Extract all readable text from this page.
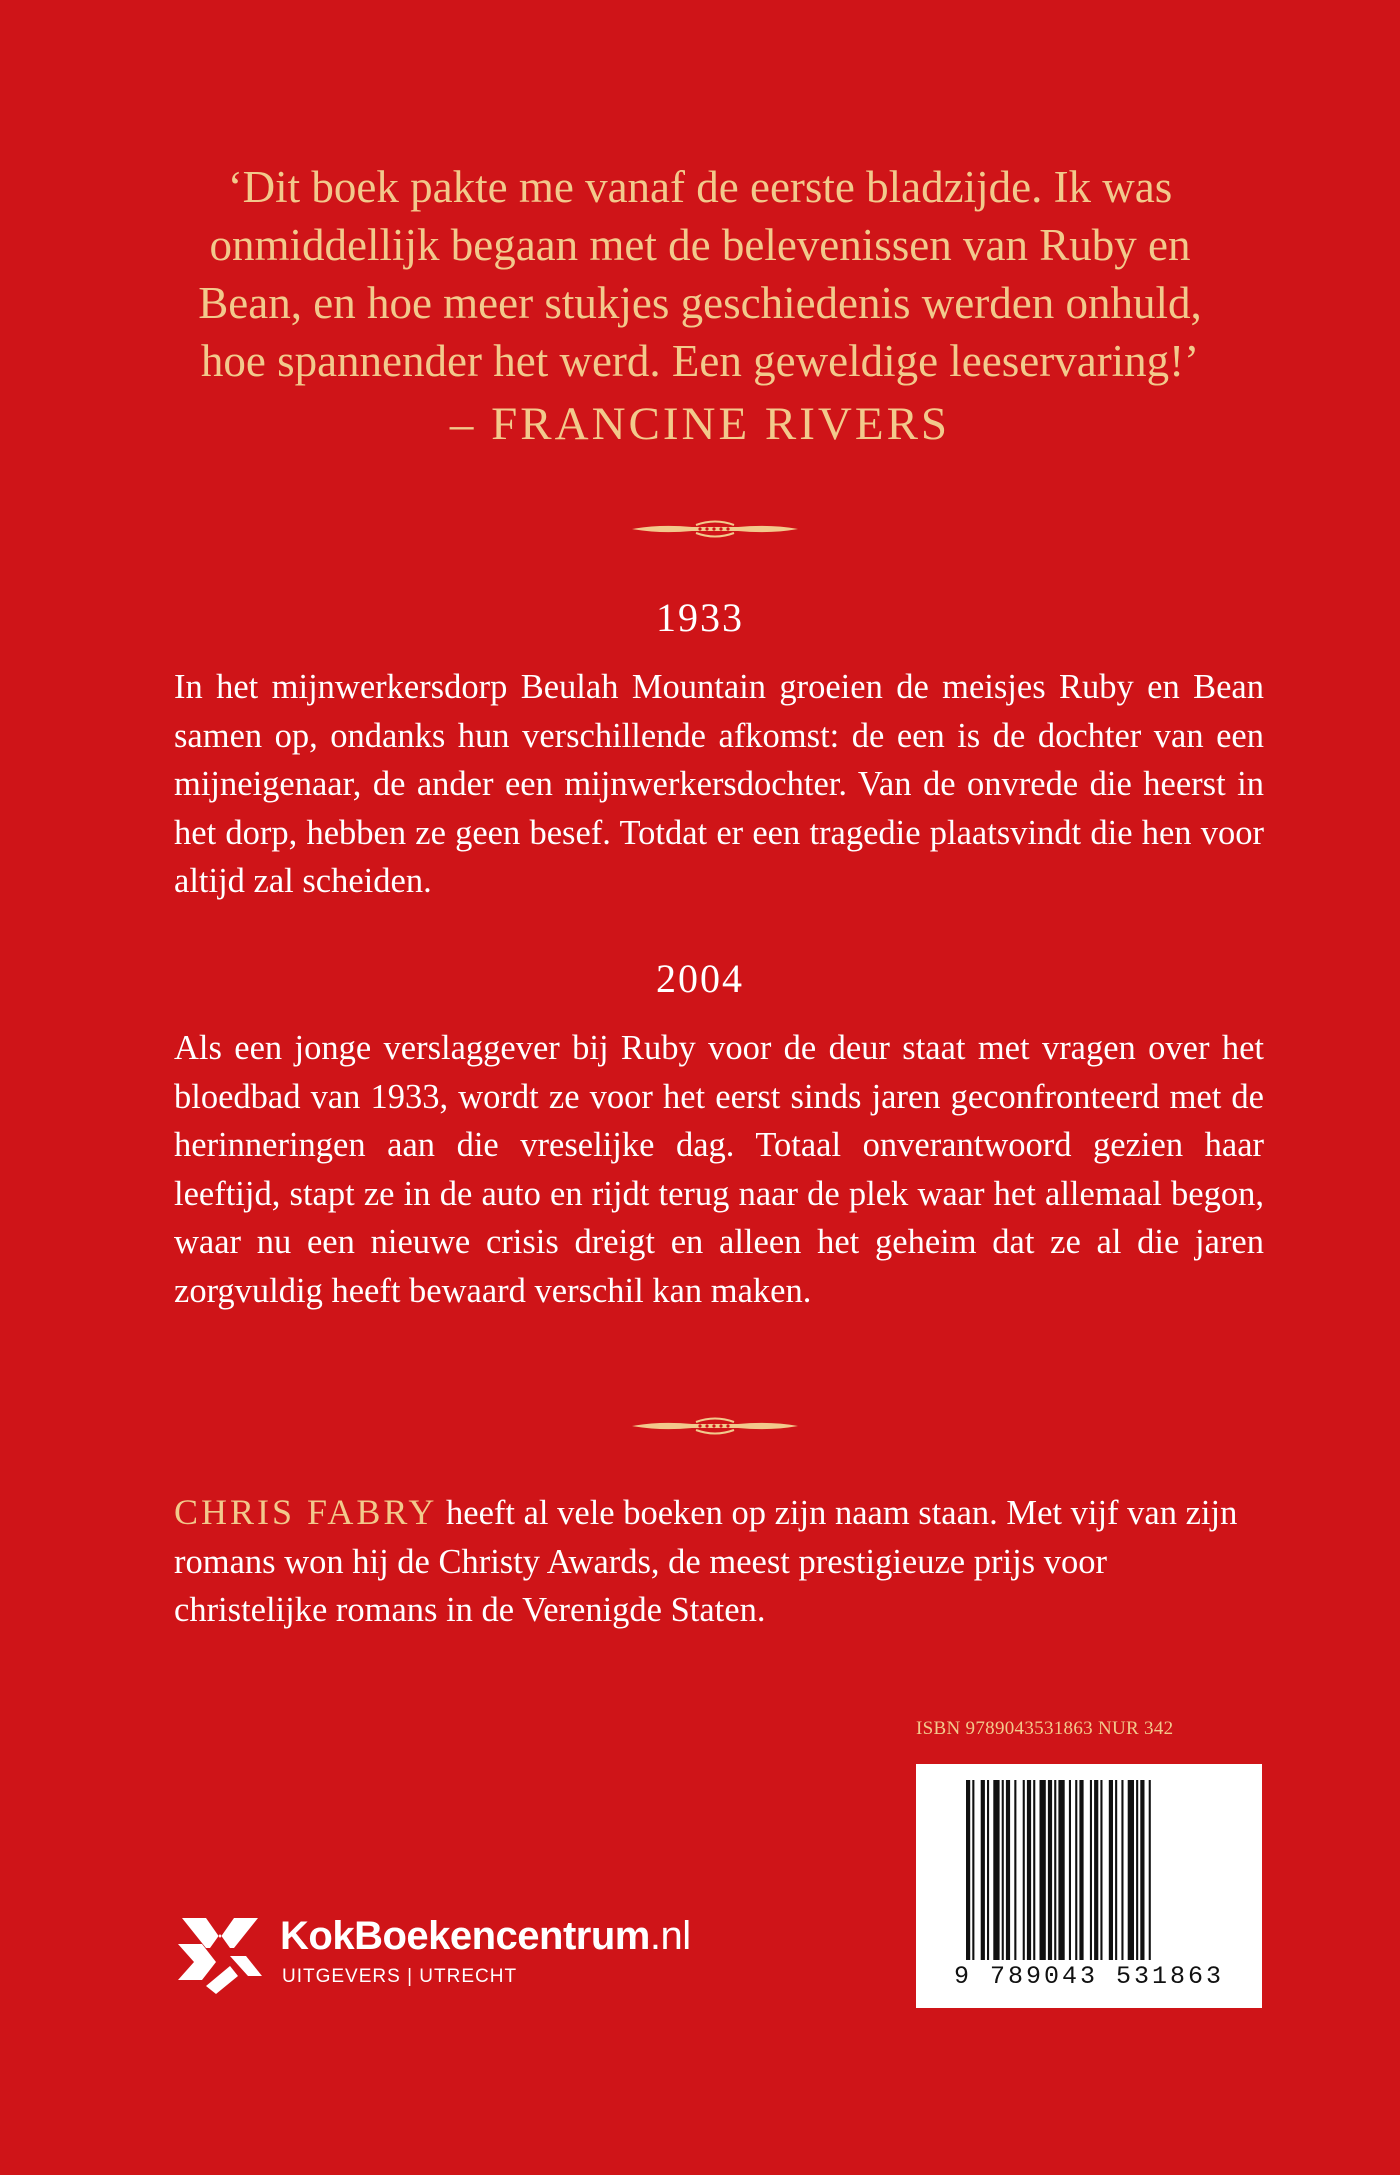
‘Dit boek pakte me vanaf de eerste bladzijde. Ik was

onmiddellijk begaan met de belevenissen van Ruby en

Bean, en hoe meer stukjes geschiedenis werden onhuld,

hoe spannender het werd. Een geweldige leeservaring!’

– FRANCINE RIVERS

1933

In het mijnwerkersdorp Beulah Mountain groeien de meisjes Ruby en Bean samen op, ondanks hun verschillende afkomst: de een is de dochter van een mijneigenaar, de ander een mijnwerkersdochter. Van de onvrede die heerst in het dorp, hebben ze geen besef. Totdat er een tragedie plaatsvindt die hen voor altijd zal scheiden.

2004

Als een jonge verslaggever bij Ruby voor de deur staat met vragen over het bloedbad van 1933, wordt ze voor het eerst sinds jaren geconfronteerd met de herinneringen aan die vreselijke dag. Totaal onverantwoord gezien haar leeftijd, stapt ze in de auto en rijdt terug naar de plek waar het allemaal begon, waar nu een nieuwe crisis dreigt en alleen het geheim dat ze al die jaren zorgvuldig heeft bewaard verschil kan maken.

CHRIS FABRY heeft al vele boeken op zijn naam staan. Met vijf van zijn romans won hij de Christy Awards, de meest prestigieuze prijs voor christelijke romans in de Verenigde Staten.

ISBN 9789043531863 NUR 342
9 789043 531863
KokBoekencentrum.nl
UITGEVERS | UTRECHT
